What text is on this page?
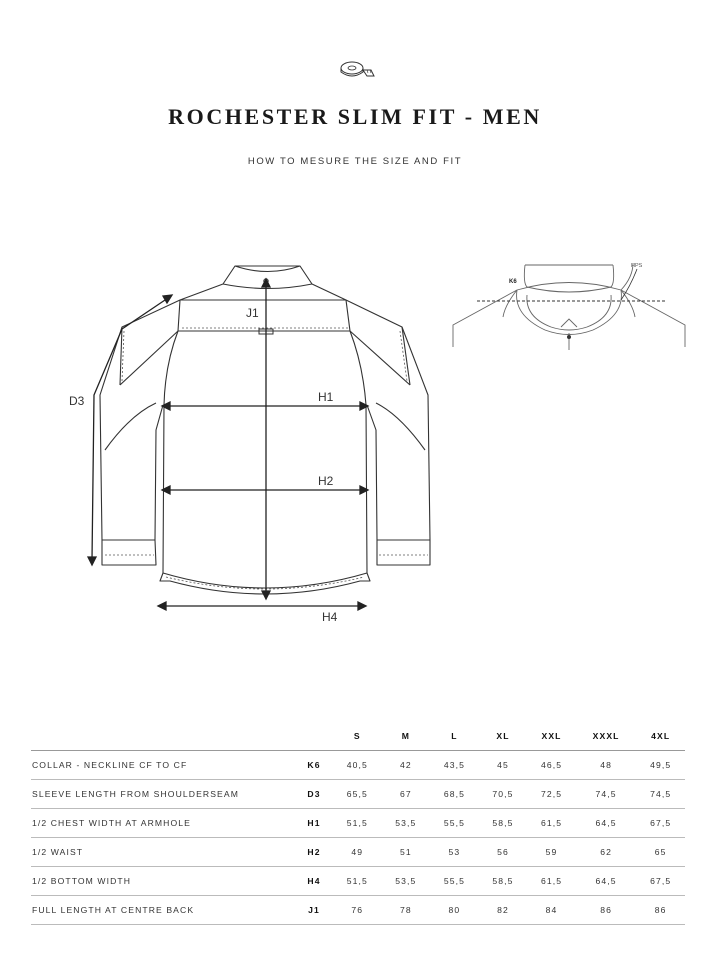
ROCHESTER SLIM FIT - MEN
HOW TO MESURE THE SIZE AND FIT
J1
H1
H2
H4
D3
K6
HPS
		S	M	L	XL	XXL	XXXL	4XL
COLLAR - NECKLINE CF TO CF	K6	40,5	42	43,5	45	46,5	48	49,5
SLEEVE LENGTH FROM SHOULDERSEAM	D3	65,5	67	68,5	70,5	72,5	74,5	74,5
1/2 CHEST WIDTH AT ARMHOLE	H1	51,5	53,5	55,5	58,5	61,5	64,5	67,5
1/2 WAIST	H2	49	51	53	56	59	62	65
1/2 BOTTOM WIDTH	H4	51,5	53,5	55,5	58,5	61,5	64,5	67,5
FULL LENGTH AT CENTRE BACK	J1	76	78	80	82	84	86	86
